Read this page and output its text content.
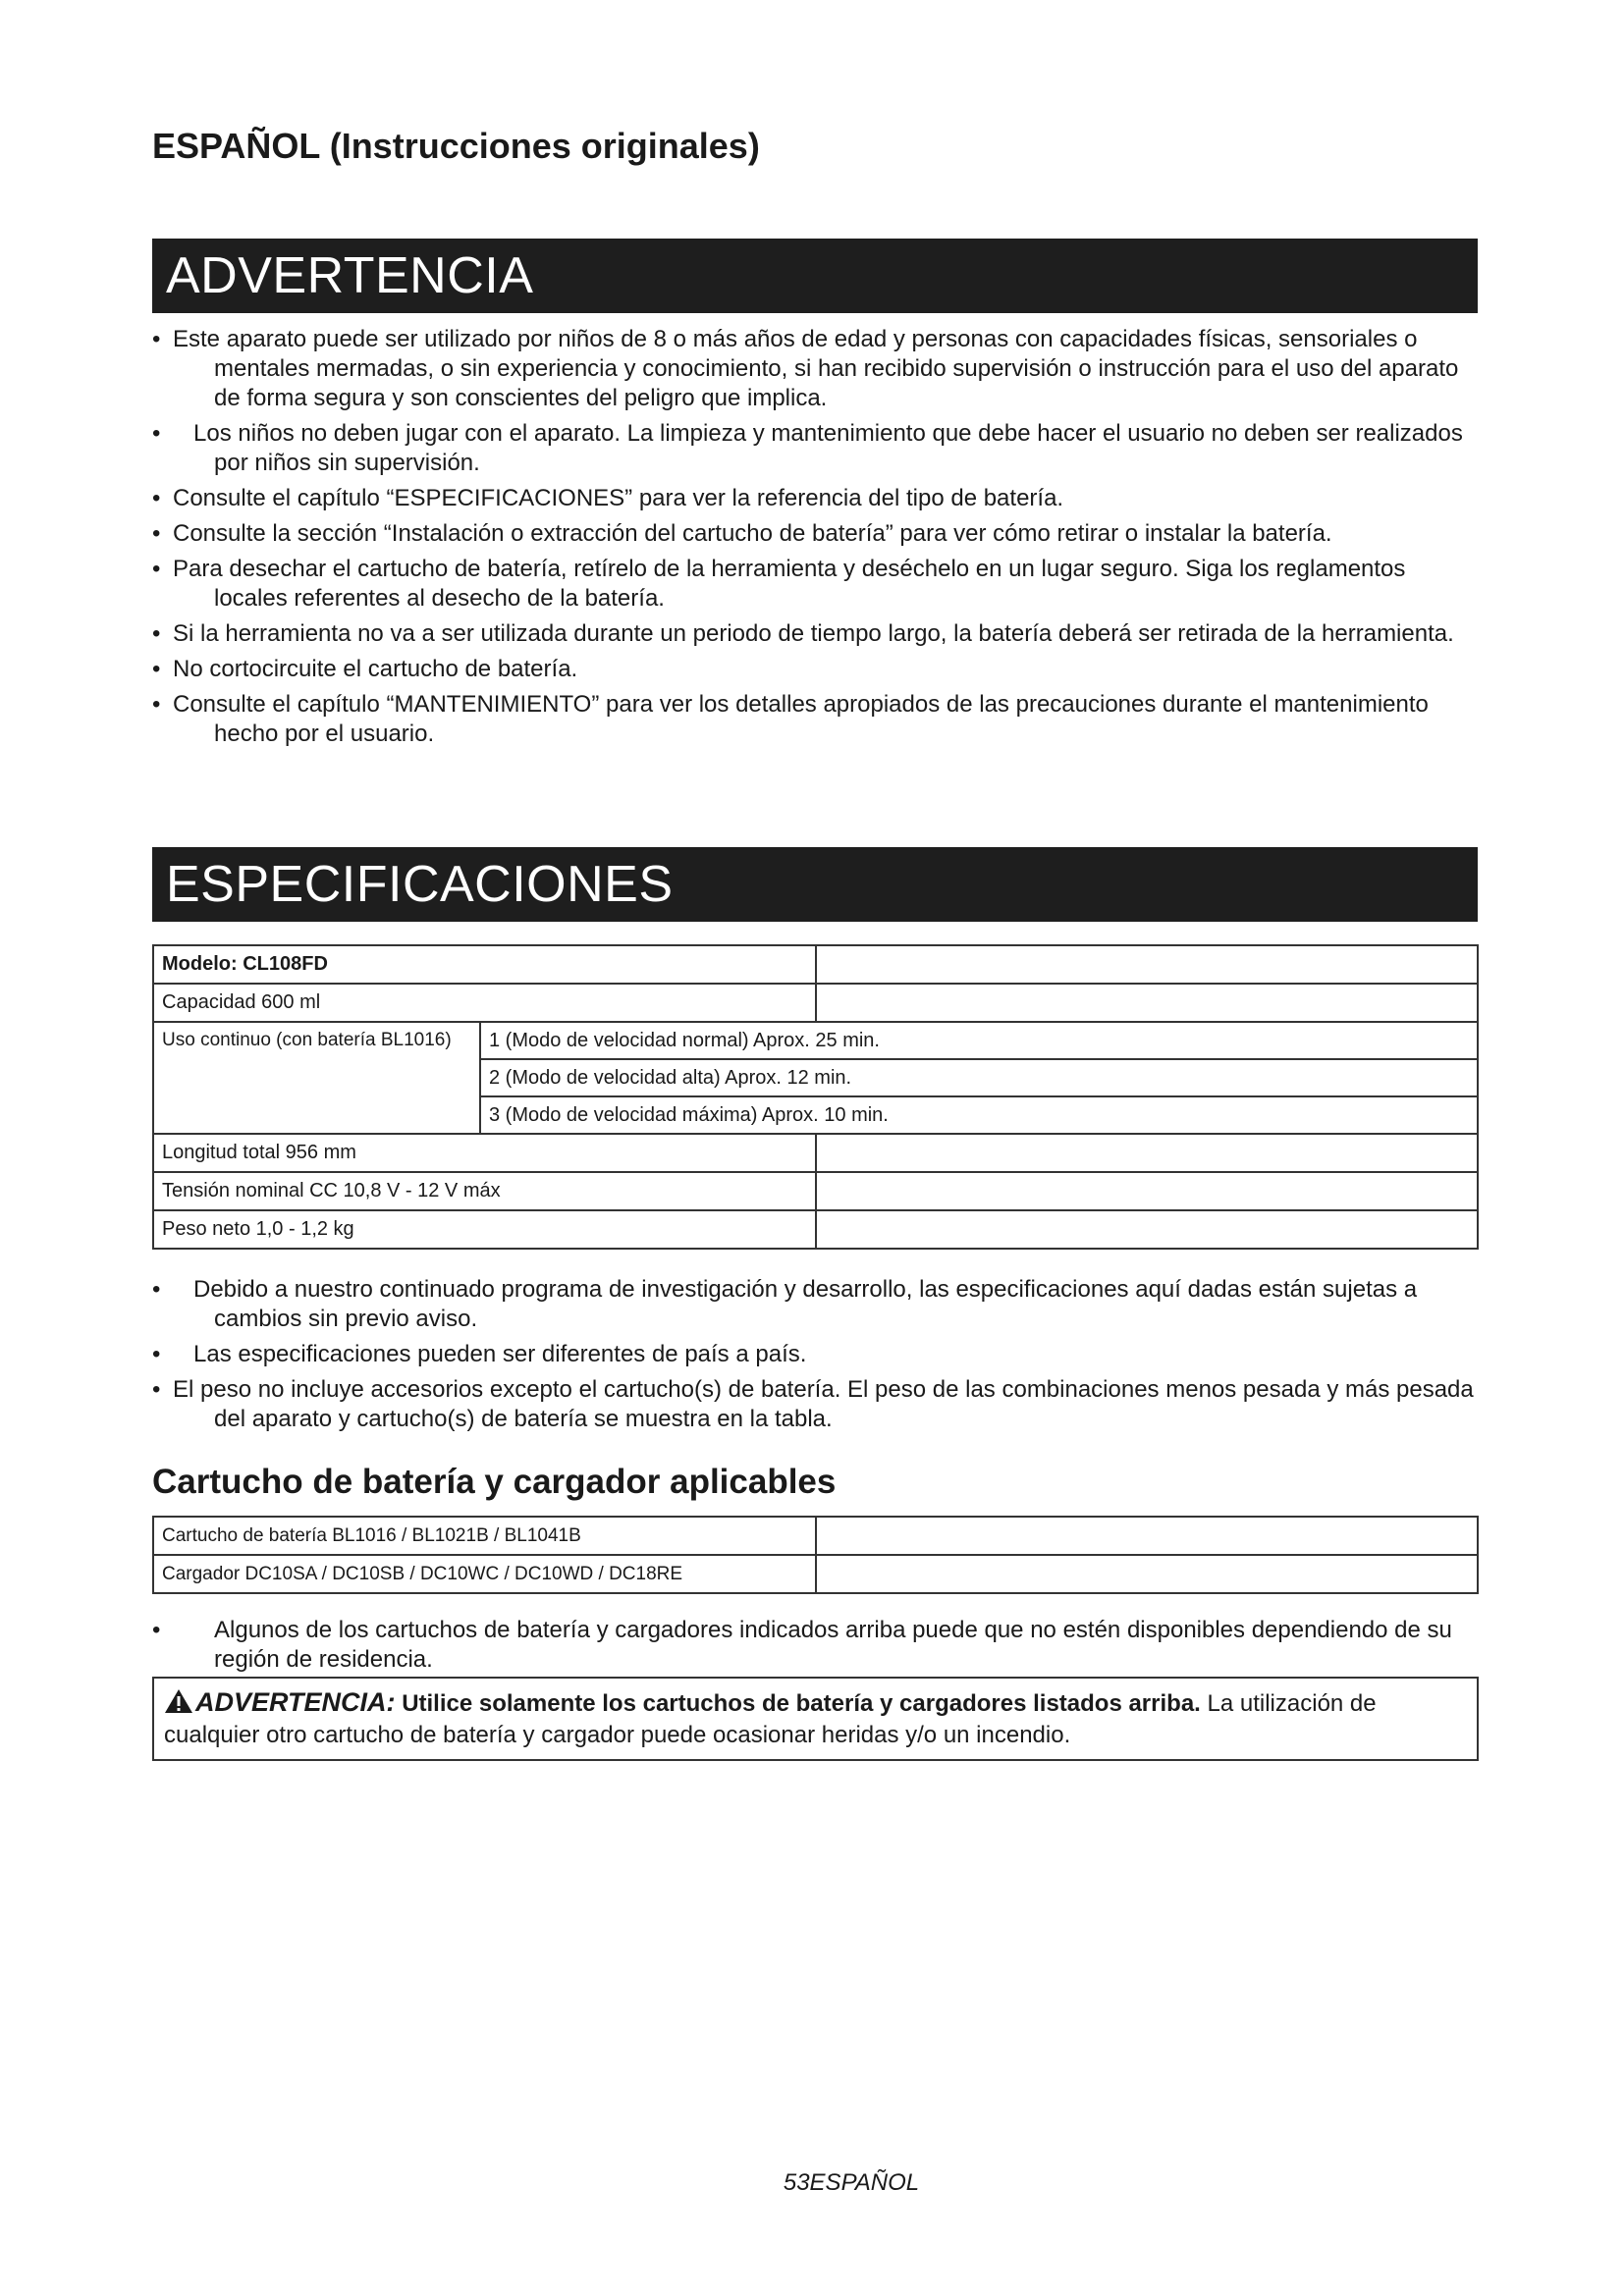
ESPAÑOL (Instrucciones originales)
ADVERTENCIA
• Este aparato puede ser utilizado por niños de 8 o más años de edad y personas con capacidades físicas, sensoriales o mentales mermadas, o sin experiencia y conocimiento, si han recibido supervisión o instrucción para el uso del aparato de forma segura y son conscientes del peligro que implica.
•	Los niños no deben jugar con el aparato. La limpieza y mantenimiento que debe hacer el usuario no deben ser realizados por niños sin supervisión.
• Consulte el capítulo “ESPECIFICACIONES” para ver la referencia del tipo de batería.
• Consulte la sección “Instalación o extracción del cartucho de batería” para ver cómo retirar o instalar la batería.
• Para desechar el cartucho de batería, retírelo de la herramienta y deséchelo en un lugar seguro. Siga los reglamentos locales referentes al desecho de la batería.
• Si la herramienta no va a ser utilizada durante un periodo de tiempo largo, la batería deberá ser retirada de la herramienta.
• No cortocircuite el cartucho de batería.
• Consulte el capítulo “MANTENIMIENTO” para ver los detalles apropiados de las precauciones durante el mantenimiento hecho por el usuario.
ESPECIFICACIONES
Modelo: CL108FD		
Capacidad 600 ml		
Uso continuo (con batería BL1016)	1 (Modo de velocidad normal) Aprox. 25 min.	
	2 (Modo de velocidad alta) Aprox. 12 min.	
	3 (Modo de velocidad máxima) Aprox. 10 min.	
Longitud total 956 mm		
Tensión nominal CC 10,8 V - 12 V máx		
Peso neto 1,0 - 1,2 kg		
•	Debido a nuestro continuado programa de investigación y desarrollo, las especificaciones aquí dadas están sujetas a cambios sin previo aviso.
•	Las especificaciones pueden ser diferentes de país a país.
• El peso no incluye accesorios excepto el cartucho(s) de batería. El peso de las combinaciones menos pesada y más pesada del aparato y cartucho(s) de batería se muestra en la tabla.
Cartucho de batería y cargador aplicables
Cartucho de batería BL1016 / BL1021B / BL1041B	
Cargador DC10SA / DC10SB / DC10WC / DC10WD / DC18RE	
•	Algunos de los cartuchos de batería y cargadores indicados arriba puede que no estén disponibles dependiendo de su región de residencia.
ADVERTENCIA: Utilice solamente los cartuchos de batería y cargadores listados arriba. La utilización de cualquier otro cartucho de batería y cargador puede ocasionar heridas y/o un incendio.

53ESPAÑOL
